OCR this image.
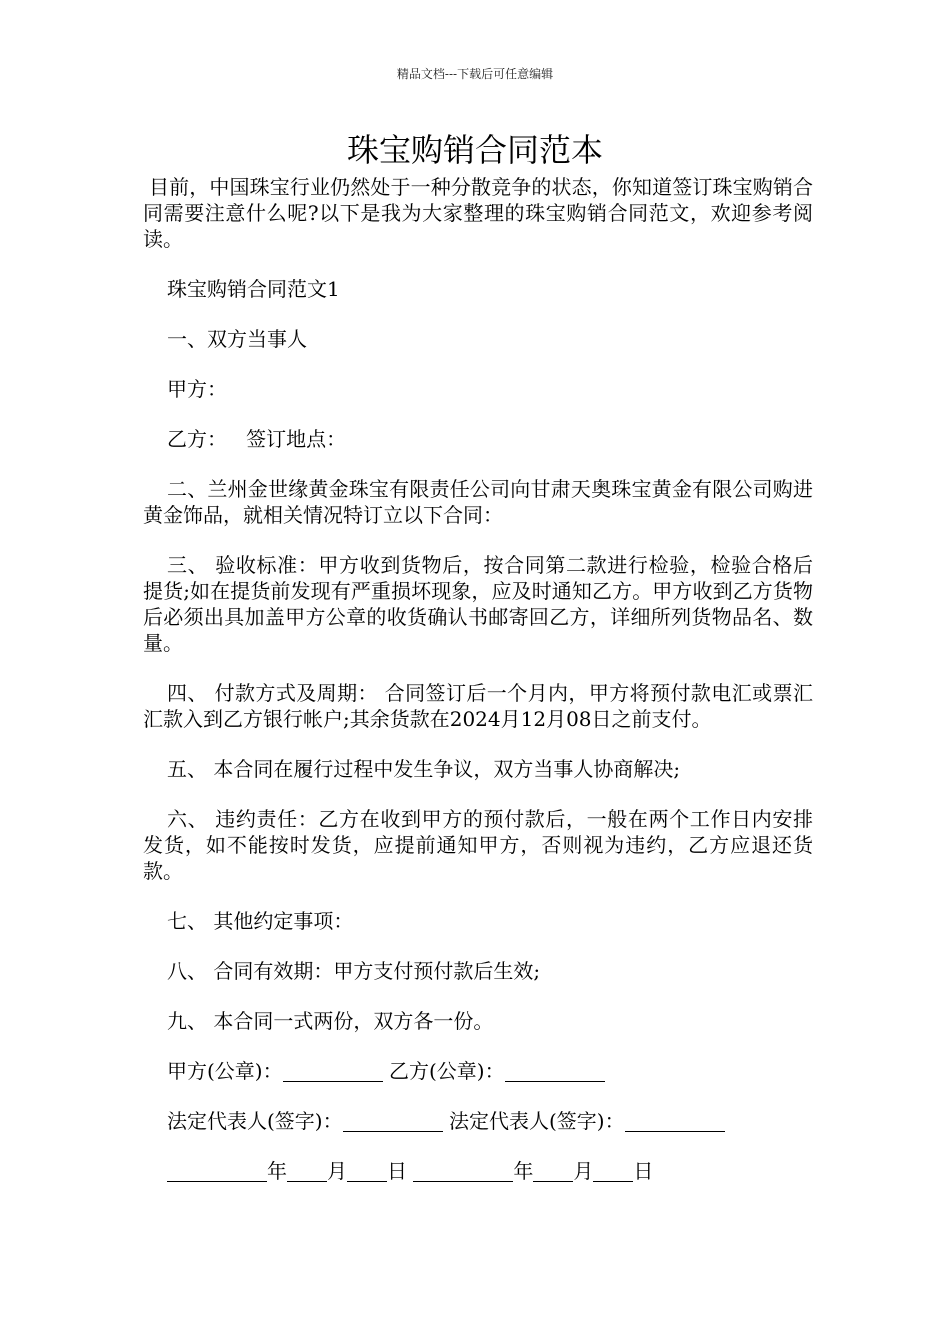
精品文档---下载后可任意编辑
珠宝购销合同范本

目前，中国珠宝行业仍然处于一种分散竞争的状态，你知道签订珠宝购销合同需要注意什么呢?以下是我为大家整理的珠宝购销合同范文，欢迎参考阅读。

珠宝购销合同范文1

一、双方当事人

甲方：

乙方：   签订地点：

二、兰州金世缘黄金珠宝有限责任公司向甘肃天奥珠宝黄金有限公司购进黄金饰品，就相关情况特订立以下合同：

三、 验收标准：甲方收到货物后，按合同第二款进行检验，检验合格后提货;如在提货前发现有严重损坏现象，应及时通知乙方。甲方收到乙方货物后必须出具加盖甲方公章的收货确认书邮寄回乙方，详细所列货物品名、数量。

四、 付款方式及周期： 合同签订后一个月内，甲方将预付款电汇或票汇汇款入到乙方银行帐户;其余货款在2024月12月08日之前支付。

五、 本合同在履行过程中发生争议，双方当事人协商解决;

六、 违约责任：乙方在收到甲方的预付款后，一般在两个工作日内安排发货，如不能按时发货，应提前通知甲方，否则视为违约，乙方应退还货款。

七、 其他约定事项：

八、 合同有效期：甲方支付预付款后生效;

九、 本合同一式两份，双方各一份。

甲方(公章)：	乙方(公章)：

法定代表人(签字)：	法定代表人(签字)：

年 月 日	年 月 日
